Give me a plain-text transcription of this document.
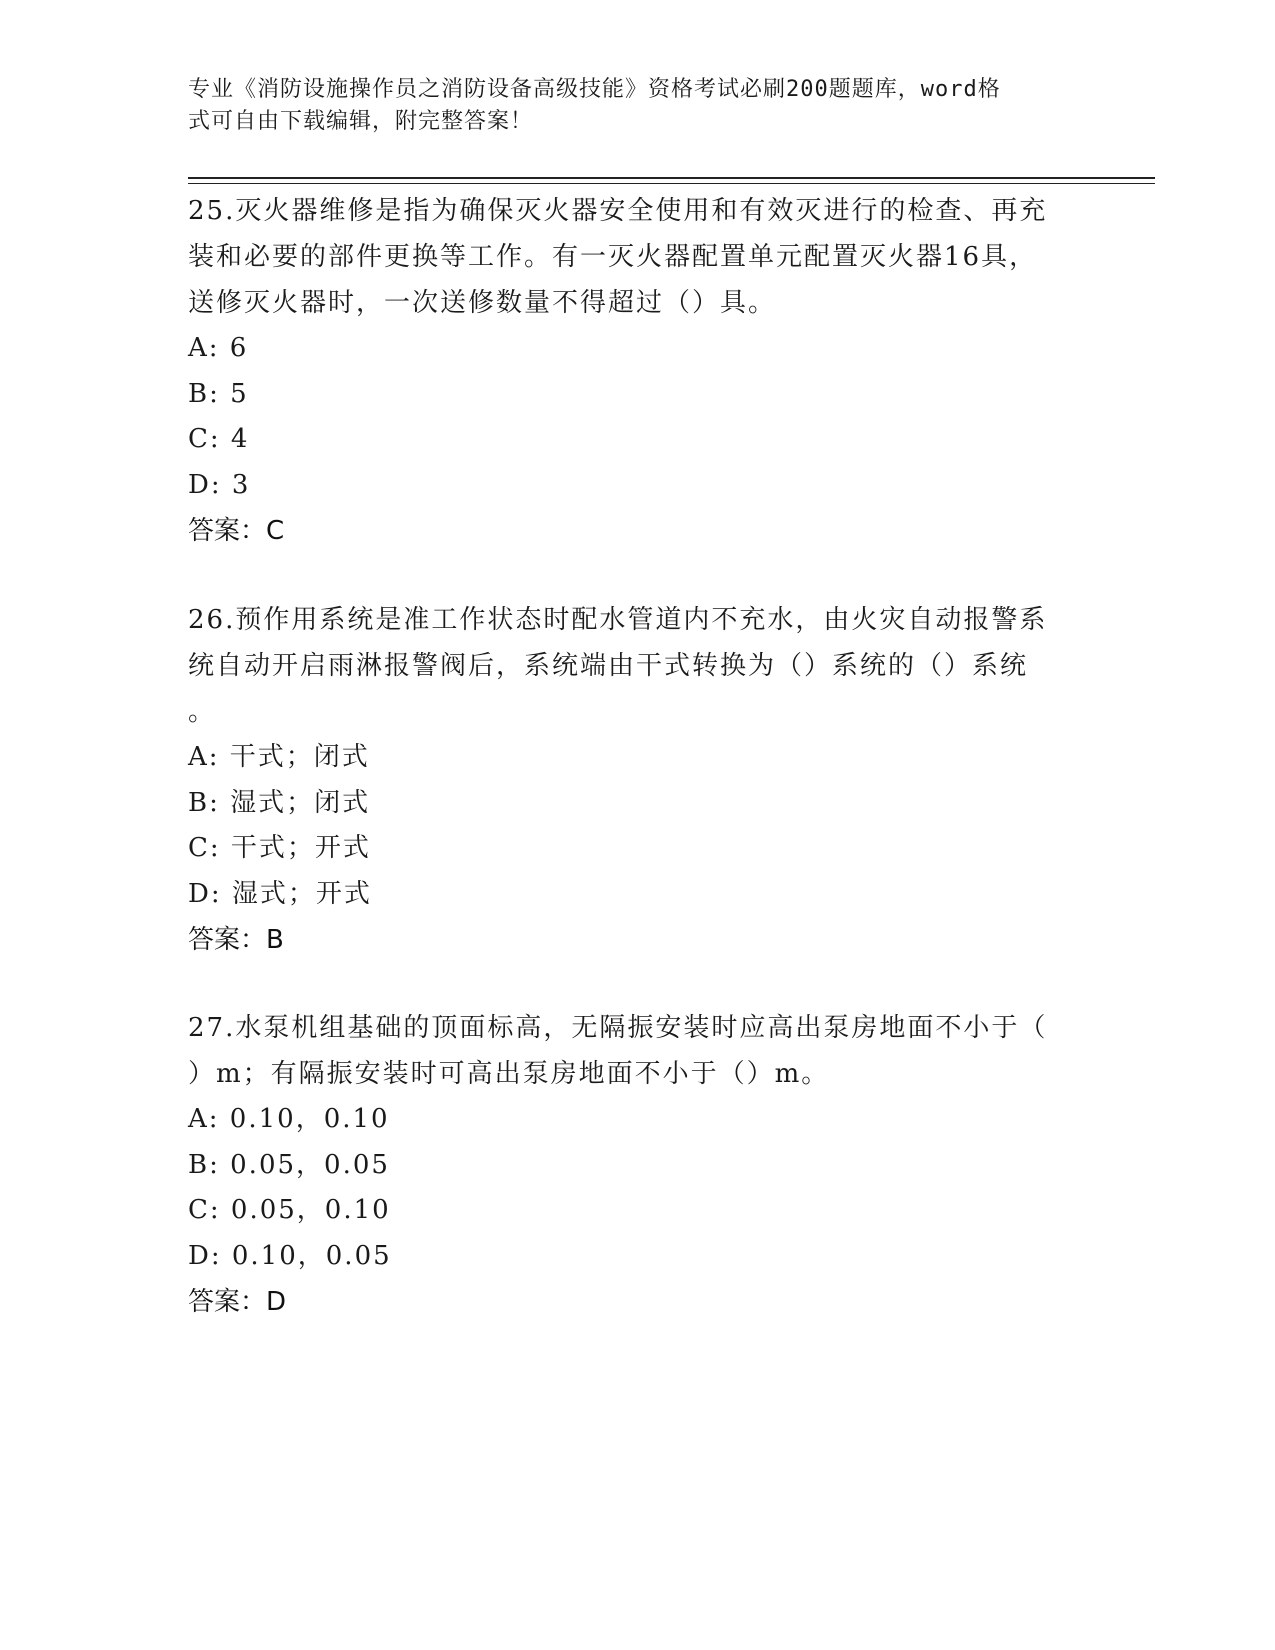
专业《消防设施操作员之消防设备高级技能》资格考试必刷200题题库，word格
式可自由下载编辑，附完整答案！

25.灭火器维修是指为确保灭火器安全使用和有效灭进行的检查、再充

装和必要的部件更换等工作。有一灭火器配置单元配置灭火器16具，

送修灭火器时，一次送修数量不得超过（）具。

A: 6

B: 5

C: 4

D: 3

答案：C

26.预作用系统是准工作状态时配水管道内不充水，由火灾自动报警系

统自动开启雨淋报警阀后，系统端由干式转换为（）系统的（）系统

。

A: 干式；闭式

B: 湿式；闭式

C: 干式；开式

D: 湿式；开式

答案：B

27.水泵机组基础的顶面标高，无隔振安装时应高出泵房地面不小于（

）m；有隔振安装时可高出泵房地面不小于（）m。

A: 0.10，0.10

B: 0.05，0.05

C: 0.05，0.10

D: 0.10，0.05

答案：D
